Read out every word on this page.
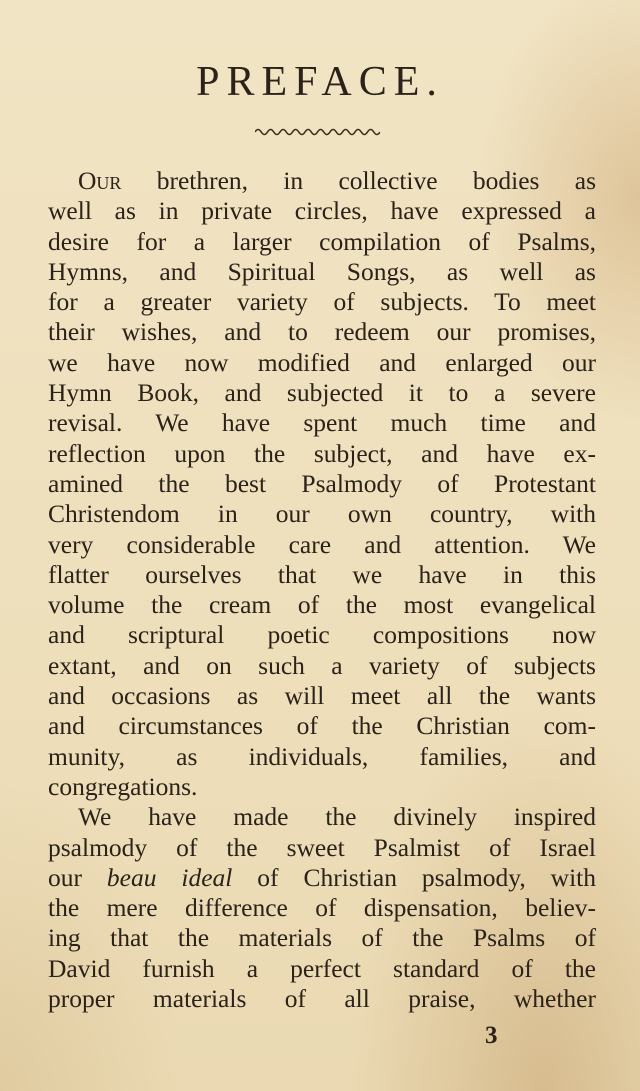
PREFACE.
Our brethren, in collective bodies as
well as in private circles, have expressed a
desire for a larger compilation of Psalms,
Hymns, and Spiritual Songs, as well as
for a greater variety of subjects. To meet
their wishes, and to redeem our promises,
we have now modified and enlarged our
Hymn Book, and subjected it to a severe
revisal. We have spent much time and
reflection upon the subject, and have ex-
amined the best Psalmody of Protestant
Christendom in our own country, with
very considerable care and attention. We
flatter ourselves that we have in this
volume the cream of the most evangelical
and scriptural poetic compositions now
extant, and on such a variety of subjects
and occasions as will meet all the wants
and circumstances of the Christian com-
munity, as individuals, families, and
congregations.
We have made the divinely inspired
psalmody of the sweet Psalmist of Israel
our beau ideal of Christian psalmody, with
the mere difference of dispensation, believ-
ing that the materials of the Psalms of
David furnish a perfect standard of the
proper materials of all praise, whether
3
